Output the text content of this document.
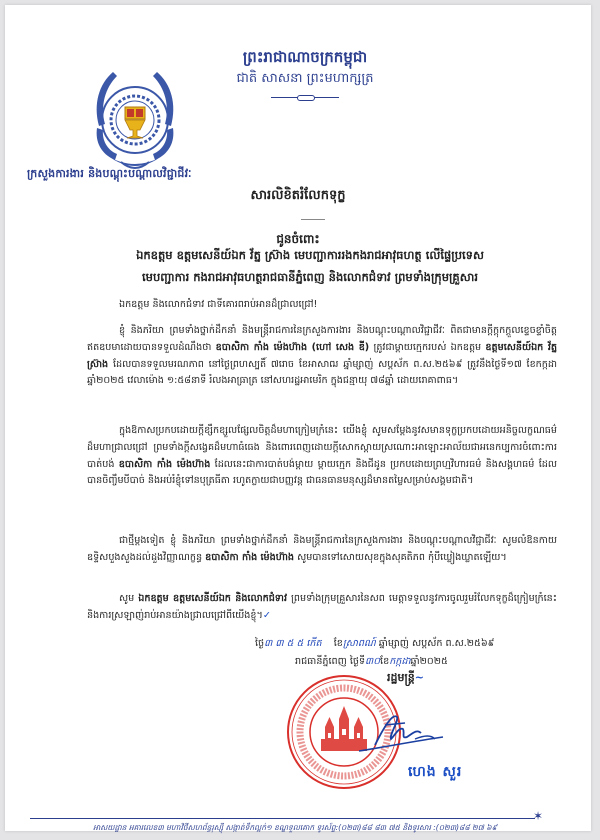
ព្រះរាជាណាចក្រកម្ពុជា
ជាតិ សាសនា ព្រះមហាក្សត្រ
ក្រសួងការងារ និងបណ្តុះបណ្តាលវិជ្ជាជីវៈ
សារលិខិតរំលែកទុក្ខ
ជូនចំពោះ
ឯកឧត្តម ឧត្តមសេនីយ៍ឯក វ័ត្ន ស្រ៊ាង មេបញ្ជាការរងកងរាជអាវុធហត្ថ លើផ្ទៃប្រទេស
មេបញ្ជាការ កងរាជអាវុធហត្ថរាជធានីភ្នំពេញ និងលោកជំទាវ ព្រមទាំងក្រុមគ្រួសារ
ឯកឧត្តម និងលោកជំទាវ ជាទីគោរពរាប់អានដ៏ជ្រាលជ្រៅ!
ខ្ញុំ និងភរិយា ព្រមទាំងថ្នាក់ដឹកនាំ និងមន្ត្រីរាជការនៃក្រសួងការងារ និងបណ្តុះបណ្តាលវិជ្ជាជីវៈ ពិតជាមានក្តីក្តុកក្តួលខ្ទេចខ្ទាំចិត្តឥតឧបមាដោយបានទទួលដំណឹងថា ឧបាសិកា កាំង ម៉េងហ៊ាង (ហៅ សេង ឌី) ត្រូវជាម្តាយក្មេករបស់ ឯកឧត្តម ឧត្តមសេនីយ៍ឯក វ័ត្ន ស្រ៊ាង ដែលបានទទួលមរណភាព នៅថ្ងៃព្រហស្បតិ៍ ៧រោច ខែអាសាឍ ឆ្នាំម្សាញ់ សប្តស័ក ព.ស.២៥៦៩ ត្រូវនឹងថ្ងៃទី១៧ ខែកក្កដា ឆ្នាំ២០២៥ វេលាម៉ោង ១:៥៨នាទី រំលងអាធ្រាត្រ នៅសហរដ្ឋអាមេរិក ក្នុងជន្មាយុ ៧៨ឆ្នាំ ដោយរោគាពាធ។
ក្នុងឱកាសប្រកបដោយក្តីខ្សឹកខ្សួលផ្សែលចិត្តដ៏មហាក្រៀមក្រំនេះ យើងខ្ញុំ សូមសម្តែងនូវសមានទុក្ខប្រកបដោយអនិច្ចលក្ខណធម៌ដ៏មហាជ្រាលជ្រៅ ព្រមទាំងក្តីសង្វេគដ៏មហាធំធេង និងពោរពេញដោយក្តីសោកស្តាយស្រណោះអាឡោះអាល័យជាអនេកប្បការចំពោះការបាត់បង់ ឧបាសិកា កាំង ម៉េងហ៊ាង ដែលនេះជាការបាត់បង់ម្តាយ ម្តាយក្មេក និងជីដូន ប្រកបដោយព្រហ្មវិហារធម៌ និងសង្គហធម៌ ដែលបានចិញ្ចឹមបីបាច់ និងអប់រំខ្ញុំទៅនបុត្រធីតា រហូតក្លាយជាបញ្ញវន្ត ជាធនធានមនុស្សដ៏មានតម្លៃសម្រាប់សង្គមជាតិ។
ជាថ្មីម្តងទៀត ខ្ញុំ និងភរិយា ព្រមទាំងថ្នាក់ដឹកនាំ និងមន្ត្រីរាជការនៃក្រសួងការងារ និងបណ្តុះបណ្តាលវិជ្ជាជីវៈ សូមលំឱនកាយឧទ្ទិសបួងសួងដល់ដួងវិញ្ញាណក្ខន្ធ ឧបាសិកា កាំង ម៉េងហ៊ាង សូមបានទៅសោយសុខក្នុងសុគតិភព កុំបីឃ្លៀងឃ្លាតឡើយ។
សូម ឯកឧត្តម ឧត្តមសេនីយ៍ឯក និងលោកជំទាវ ព្រមទាំងក្រុមគ្រួសារនៃសព មេត្តាទទួលនូវការចូលរួមរំលែកទុក្ខដ៏ក្រៀមក្រំនេះ និងការស្រឡាញ់រាប់អានយ៉ាងជ្រាលជ្រៅពីយើងខ្ញុំ។✓
ថ្ងៃ៣ ៣ ៥ ៥ កើត ខែស្រាពណ៍ ឆ្នាំម្សាញ់ សប្តស័ក ព.ស.២៥៦៩
រាជធានីភ្នំពេញ ថ្ងៃទី៣០ខែកក្កដាឆ្នាំ២០២៥
រដ្ឋមន្ត្រី~
ហេង សួរ
✶
អាសយដ្ឋាន អគារលេខ៣ មហាវិថីសហព័ន្ធរុស្ស៊ី សង្កាត់ទឹកល្អក់១ ខណ្ឌទួលគោក ទូរស័ព្ទ:(០២៣)៨៨ ៨៣ ៧៥ និងទូរសារ :(០២៣)៨៨ ២៧ ៦៩
